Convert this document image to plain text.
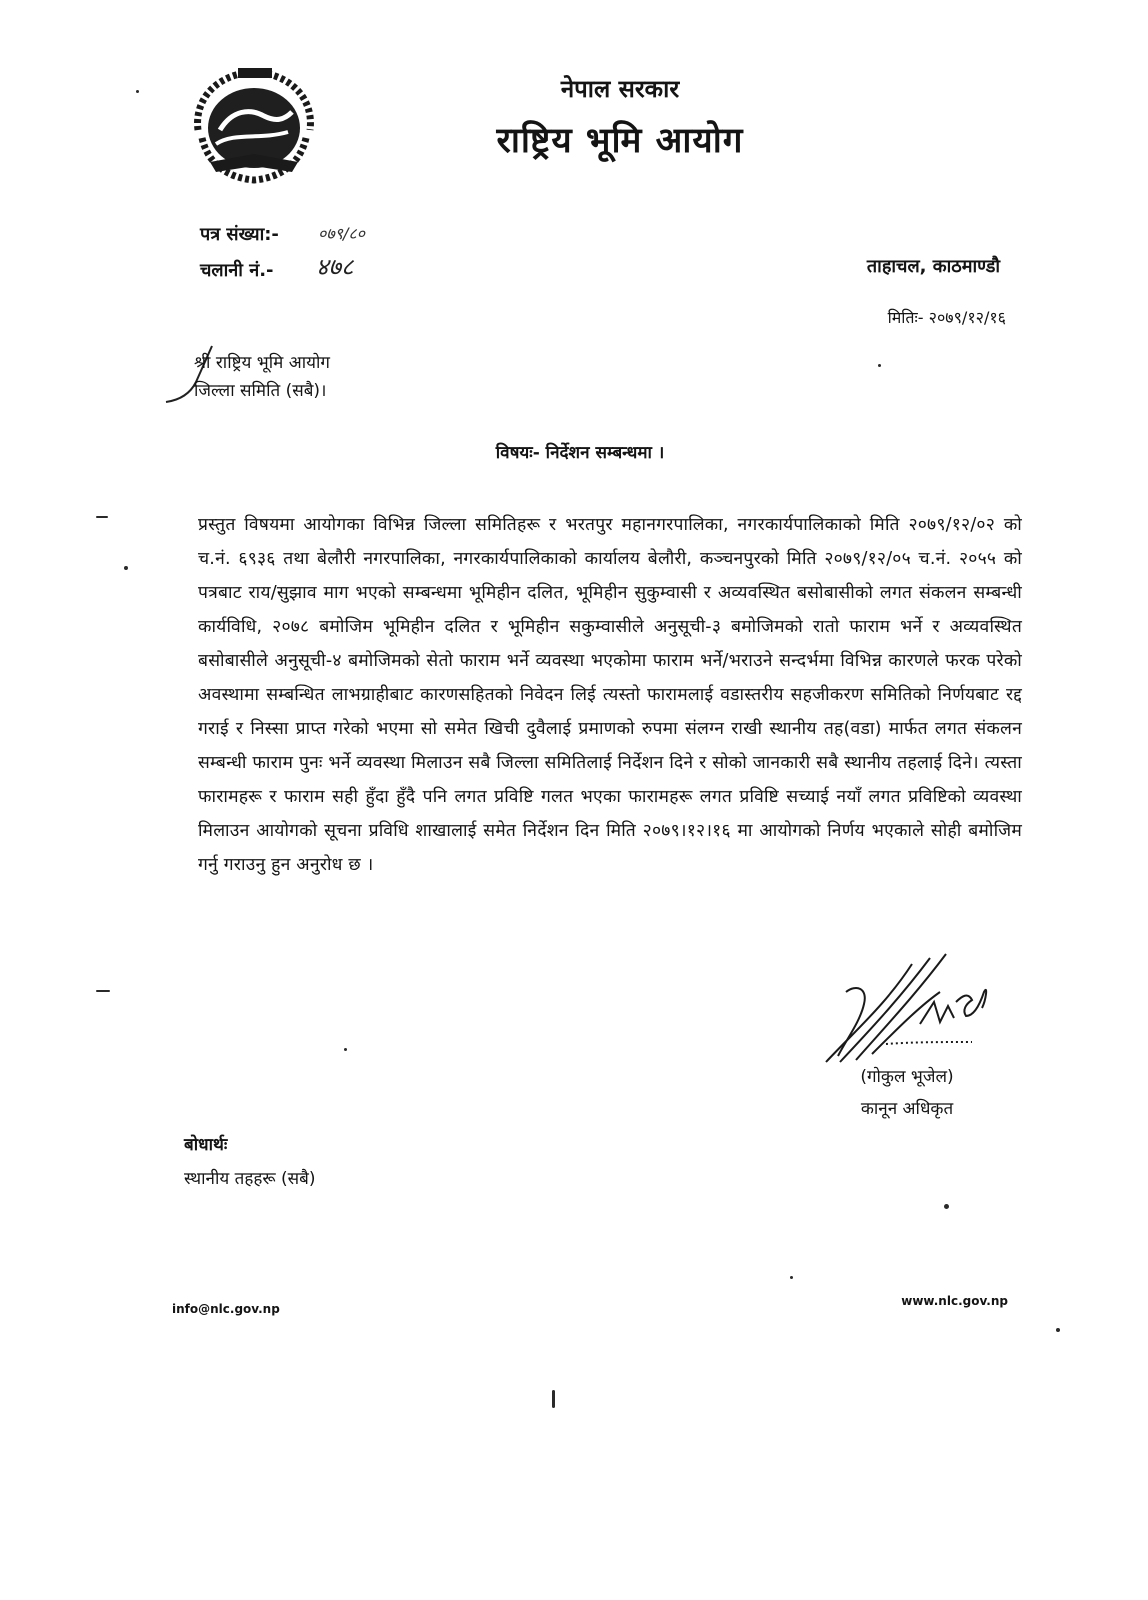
नेपाल सरकार
राष्ट्रिय भूमि आयोग
पत्र संख्या:- ०७९/८०
चलानी नं.- ४७८	ताहाचल, काठमाण्डौ
मितिः- २०७९/१२/१६
श्री राष्ट्रिय भूमि आयोग
जिल्ला समिति (सबै)।
विषयः- निर्देशन सम्बन्धमा ।
प्रस्तुत विषयमा आयोगका विभिन्न जिल्ला समितिहरू र भरतपुर महानगरपालिका, नगरकार्यपालिकाको मिति २०७९/१२/०२ को च.नं. ६९३६ तथा बेलौरी नगरपालिका, नगरकार्यपालिकाको कार्यालय बेलौरी, कञ्चनपुरको मिति २०७९/१२/०५ च.नं. २०५५ को पत्रबाट राय/सुझाव माग भएको सम्बन्धमा भूमिहीन दलित, भूमिहीन सुकुम्वासी र अव्यवस्थित बसोबासीको लगत संकलन सम्बन्धी कार्यविधि, २०७८ बमोजिम भूमिहीन दलित र भूमिहीन सकुम्वासीले अनुसूची-३ बमोजिमको रातो फाराम भर्ने र अव्यवस्थित बसोबासीले अनुसूची-४ बमोजिमको सेतो फाराम भर्ने व्यवस्था भएकोमा फाराम भर्ने/भराउने सन्दर्भमा विभिन्न कारणले फरक परेको अवस्थामा सम्बन्धित लाभग्राहीबाट कारणसहितको निवेदन लिई त्यस्तो फारामलाई वडास्तरीय सहजीकरण समितिको निर्णयबाट रद्द गराई र निस्सा प्राप्त गरेको भएमा सो समेत खिची दुवैलाई प्रमाणको रुपमा संलग्न राखी स्थानीय तह(वडा) मार्फत लगत संकलन सम्बन्धी फाराम पुनः भर्ने व्यवस्था मिलाउन सबै जिल्ला समितिलाई निर्देशन दिने र सोको जानकारी सबै स्थानीय तहलाई दिने। त्यस्ता फारामहरू र फाराम सही हुँदा हुँदै पनि लगत प्रविष्टि गलत भएका फारामहरू लगत प्रविष्टि सच्याई नयाँ लगत प्रविष्टिको व्यवस्था मिलाउन आयोगको सूचना प्रविधि शाखालाई समेत निर्देशन दिन मिति २०७९।१२।१६ मा आयोगको निर्णय भएकाले सोही बमोजिम गर्नु गराउनु हुन अनुरोध छ ।
(गोकुल भूजेल)
कानून अधिकृत
बोधार्थः
स्थानीय तहहरू (सबै)
info@nlc.gov.np
www.nlc.gov.np
